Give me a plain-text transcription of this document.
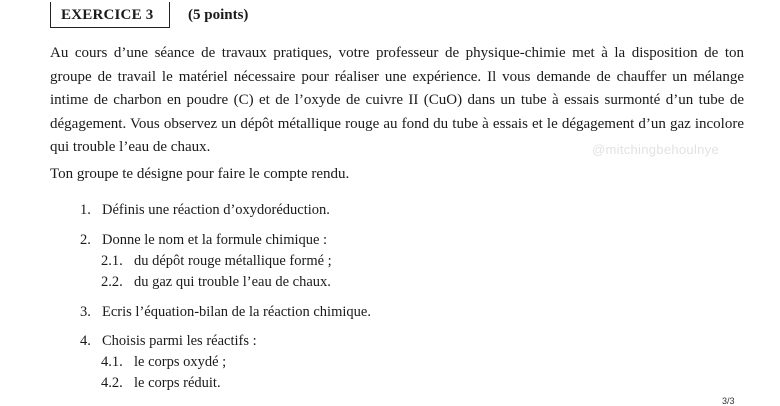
EXERCICE 3	(5 points)

Au cours d’une séance de travaux pratiques, votre professeur de physique-chimie met à la disposition de ton groupe de travail le matériel nécessaire pour réaliser une expérience. Il vous demande de chauffer un mélange intime de charbon en poudre (C) et de l’oxyde de cuivre II (CuO) dans un tube à essais surmonté d’un tube de dégagement. Vous observez un dépôt métallique rouge au fond du tube à essais et le dégagement d’un gaz incolore qui trouble l’eau de chaux.

Ton groupe te désigne pour faire le compte rendu.

1. Définis une réaction d’oxydoréduction.
2. Donne le nom et la formule chimique :
2.1. du dépôt rouge métallique formé ;
2.2. du gaz qui trouble l’eau de chaux.
3. Ecris l’équation-bilan de la réaction chimique.
4. Choisis parmi les réactifs :
4.1. le corps oxydé ;
4.2. le corps réduit.
@mitchingbehoulnye
3/3
